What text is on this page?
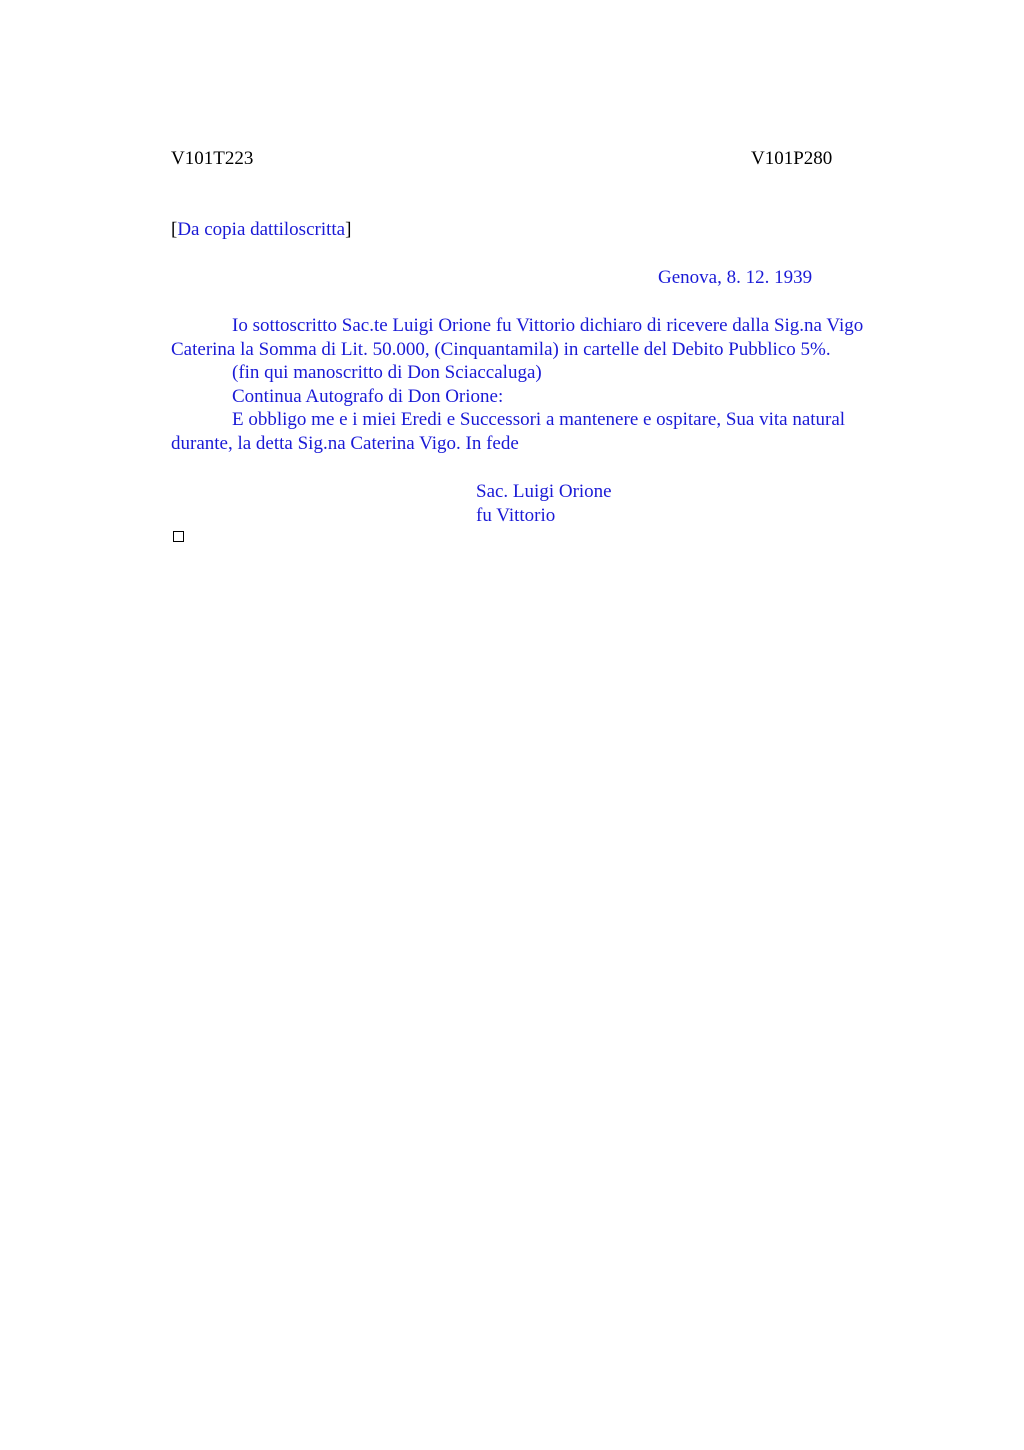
V101T223	V101P280
[Da copia dattiloscritta]
Genova, 8. 12. 1939

Io sottoscritto Sac.te Luigi Orione fu Vittorio dichiaro di ricevere dalla Sig.na Vigo

Caterina la Somma di Lit. 50.000, (Cinquantamila) in cartelle del Debito Pubblico 5%.

(fin qui manoscritto di Don Sciaccaluga)

Continua Autografo di Don Orione:

E obbligo me e i miei Eredi e Successori a mantenere e ospitare, Sua vita natural

durante, la detta Sig.na Caterina Vigo. In fede

Sac. Luigi Orione
fu Vittorio
